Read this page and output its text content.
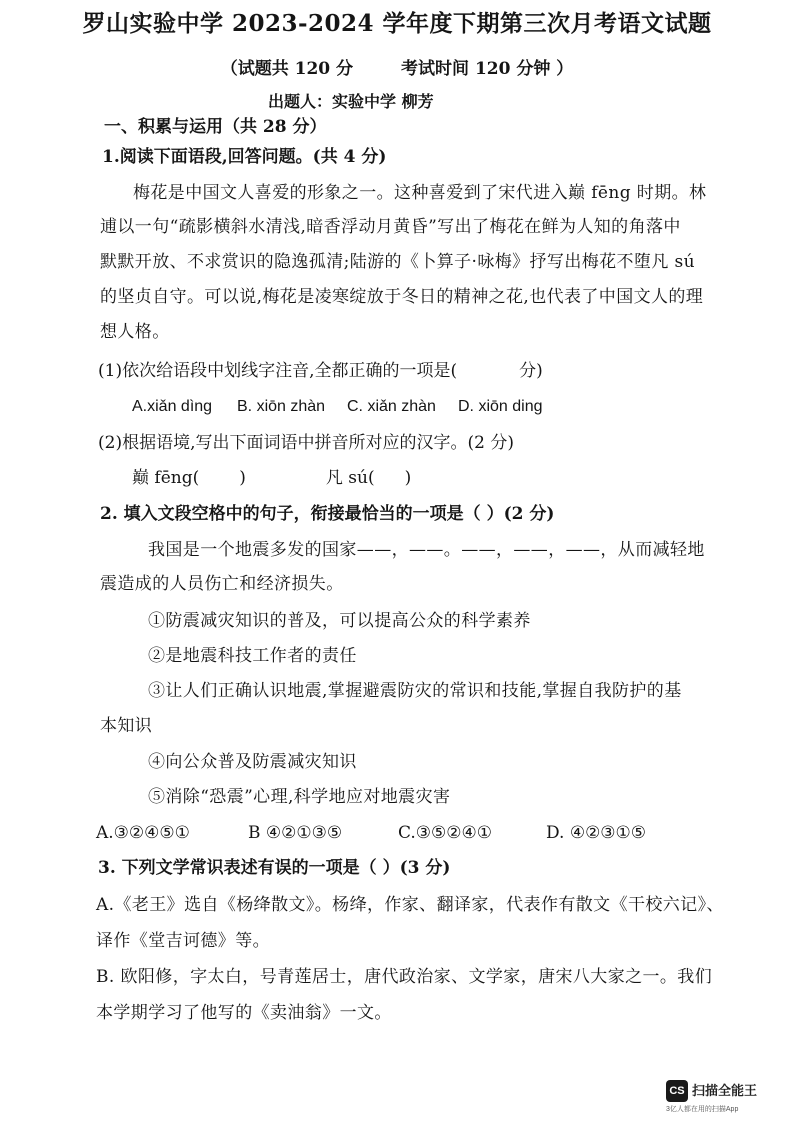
罗山实验中学 2023-2024 学年度下期第三次月考语文试题
（试题共 120 分	考试时间 120 分钟 ）
出题人：实验中学 柳芳
一、积累与运用（共 28 分）
1.阅读下面语段,回答问题。(共 4 分)
梅花是中国文人喜爱的形象之一。这种喜爱到了宋代进入巅 fēng 时期。林
逋以一句“疏影横斜水清浅,暗香浮动月黄昏”写出了梅花在鲜为人知的角落中
默默开放、不求赏识的隐逸孤清;陆游的《卜算子·咏梅》抒写出梅花不堕凡 sú
的坚贞自守。可以说,梅花是凌寒绽放于冬日的精神之花,也代表了中国文人的理
想人格。
(1)依次给语段中划线字注音,全都正确的一项是(	分)
A.xiǎn dìng B. xiōn zhàn C. xiǎn zhàn D. xiōn ding
(2)根据语境,写出下面词语中拼音所对应的汉字。(2 分)
巅 fēng( )	凡 sú( )
2. 填入文段空格中的句子，衔接最恰当的一项是（ ）(2 分)
我国是一个地震多发的国家——，——。——，——，——，从而减轻地
震造成的人员伤亡和经济损失。
①防震减灾知识的普及，可以提高公众的科学素养
②是地震科技工作者的责任
③让人们正确认识地震,掌握避震防灾的常识和技能,掌握自我防护的基
本知识
④向公众普及防震减灾知识
⑤消除“恐震”心理,科学地应对地震灾害
A.③②④⑤①	B ④②①③⑤	C.③⑤②④①	D. ④②③①⑤
3. 下列文学常识表述有误的一项是（ ）(3 分)
A.《老王》选自《杨绛散文》。杨绛，作家、翻译家，代表作有散文《干校六记》、
译作《堂吉诃德》等。
B. 欧阳修，字太白，号青莲居士，唐代政治家、文学家，唐宋八大家之一。我们
本学期学习了他写的《卖油翁》一文。
CS 扫描全能王
3亿人都在用的扫描App
